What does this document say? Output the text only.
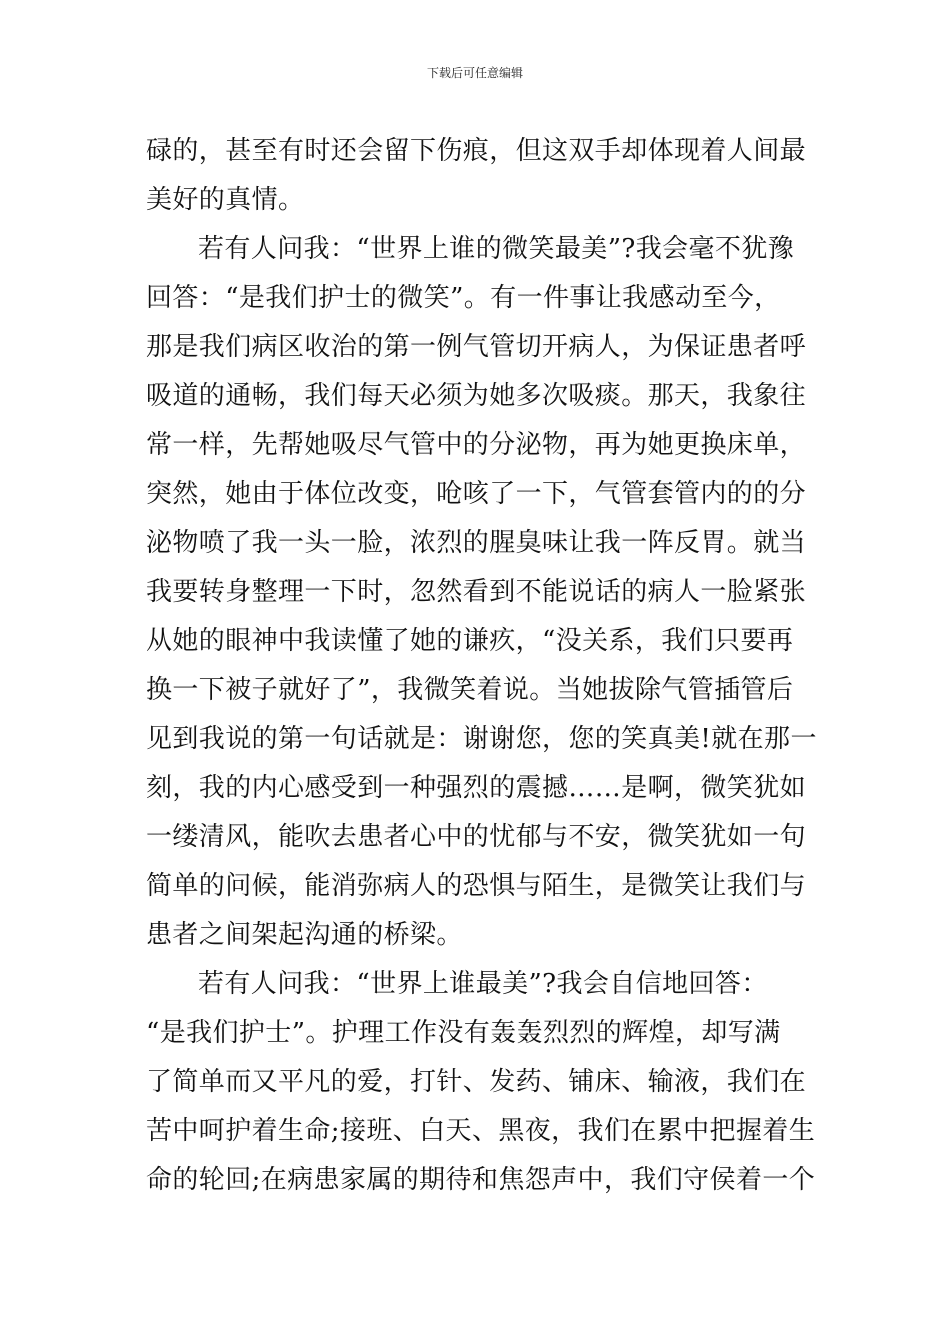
下载后可任意编辑
碌的，甚至有时还会留下伤痕，但这双手却体现着人间最
美好的真情。
若有人问我：“世界上谁的微笑最美”?我会毫不犹豫
回答：“是我们护士的微笑”。有一件事让我感动至今，
那是我们病区收治的第一例气管切开病人，为保证患者呼
吸道的通畅，我们每天必须为她多次吸痰。那天，我象往
常一样，先帮她吸尽气管中的分泌物，再为她更换床单，
突然，她由于体位改变，呛咳了一下，气管套管内的的分
泌物喷了我一头一脸，浓烈的腥臭味让我一阵反胃。就当
我要转身整理一下时，忽然看到不能说话的病人一脸紧张
从她的眼神中我读懂了她的谦疚，“没关系，我们只要再
换一下被子就好了”，我微笑着说。当她拔除气管插管后
见到我说的第一句话就是：谢谢您，您的笑真美!就在那一
刻，我的内心感受到一种强烈的震撼……是啊，微笑犹如
一缕清风，能吹去患者心中的忧郁与不安，微笑犹如一句
简单的问候，能消弥病人的恐惧与陌生，是微笑让我们与
患者之间架起沟通的桥梁。
若有人问我：“世界上谁最美”?我会自信地回答：
“是我们护士”。护理工作没有轰轰烈烈的辉煌，却写满
了简单而又平凡的爱，打针、发药、铺床、输液，我们在
苦中呵护着生命;接班、白天、黑夜，我们在累中把握着生
命的轮回;在病患家属的期待和焦怨声中，我们守侯着一个
